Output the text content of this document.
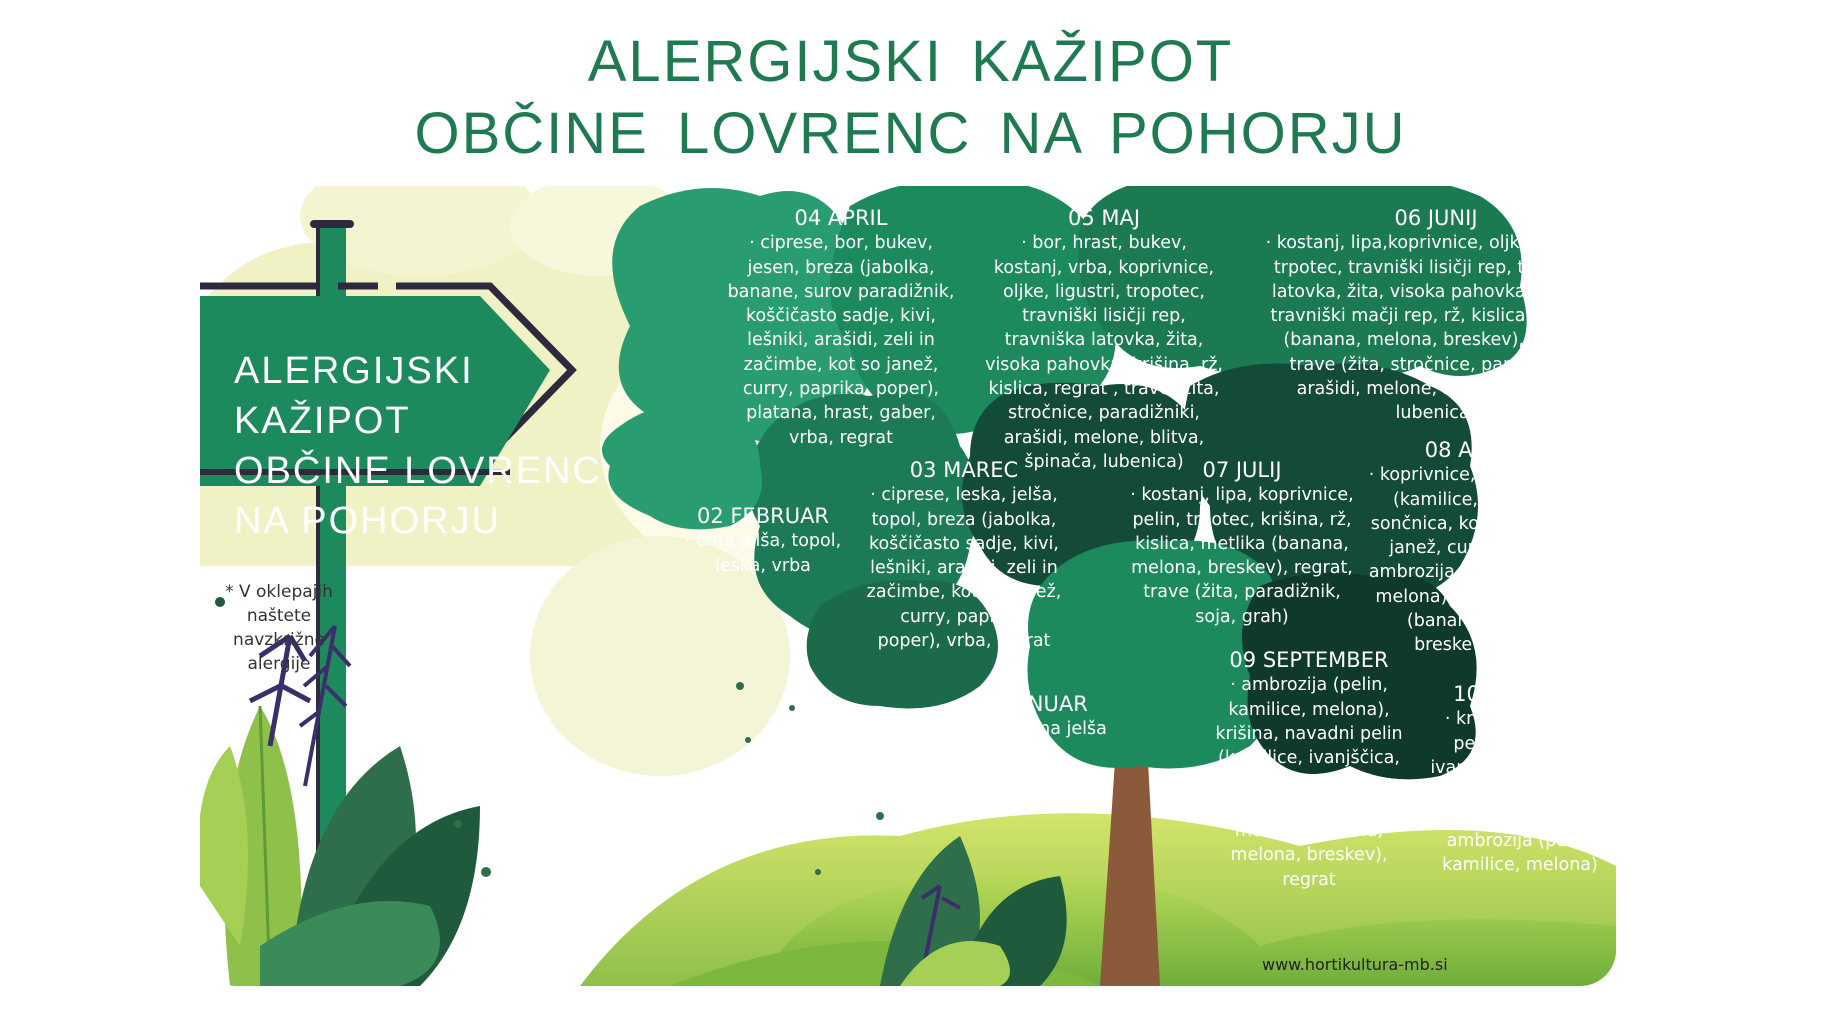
ALERGIJSKI KAŽIPOT
OBČINE LOVRENC NA POHORJU
ALERGIJSKI
KAŽIPOT
OBČINE LOVRENC
NA POHORJU
* V oklepajih naštete navzkrižne alergije
04 APRIL
· ciprese, bor, bukev, jesen, breza (jabolka, banane, surov paradižnik, koščičasto sadje, kivi, lešniki, arašidi, zeli in začimbe, kot so janež, curry, paprika, poper), platana, hrast, gaber, vrba, regrat
05 MAJ
· bor, hrast, bukev, kostanj, vrba, koprivnice, oljke, ligustri, tropotec, travniški lisičji rep, travniška latovka, žita, visoka pahovka, krišina, rž, kislica, regrat , trave (žita, stročnice, paradižniki, arašidi, melone, blitva, špinača, lubenica)
06 JUNIJ
· kostanj, lipa,koprivnice, oljke, ligustri, trpotec, travniški lisičji rep, travniška latovka, žita, visoka pahovka, krišina, travniški mačji rep, rž, kislica, metlika (banana, melona, breskev), regrat, trave (žita, stročnice, paradižniki, arašidi, melone, blitva, špinača, lubenica)
02 FEBRUAR
· črna jelša, topol, leska, vrba
03 MAREC
· ciprese, leska, jelša, topol, breza (jabolka, koščičasto sadje, kivi, lešniki, arašidi, zeli in začimbe, kot so janež, curry, paprika, poper), vrba, regrat
07 JULIJ
· kostanj, lipa, koprivnice, pelin, trpotec, krišina, rž, kislica, metlika (banana, melona, breskev), regrat, trave (žita, paradižnik, soja, grah)
08 AVGUST
· koprivnice, navadni pelin (kamilice, ivanjščica, sončnica, korenje, zelena, janež, curry), trpotec, ambrozija (pelin, kamilice, melona), krišina, metlika (banana, melona, breskev), regrat
01 JANUAR
· leska, črna jelša
09 SEPTEMBER
· ambrozija (pelin, kamilice, melona), krišina, navadni pelin (kamilice, ivanjščica, sončnica, korenje, zelena, janež, curry), metlika (banana, melona, breskev), regrat
10 OKTOBER
· krišina, navadni pelin (kamilice, ivanjščica, sončnica, korenje, zelena, janež, curry), ambrozija (pelin, kamilice, melona)
www.hortikultura-mb.si
